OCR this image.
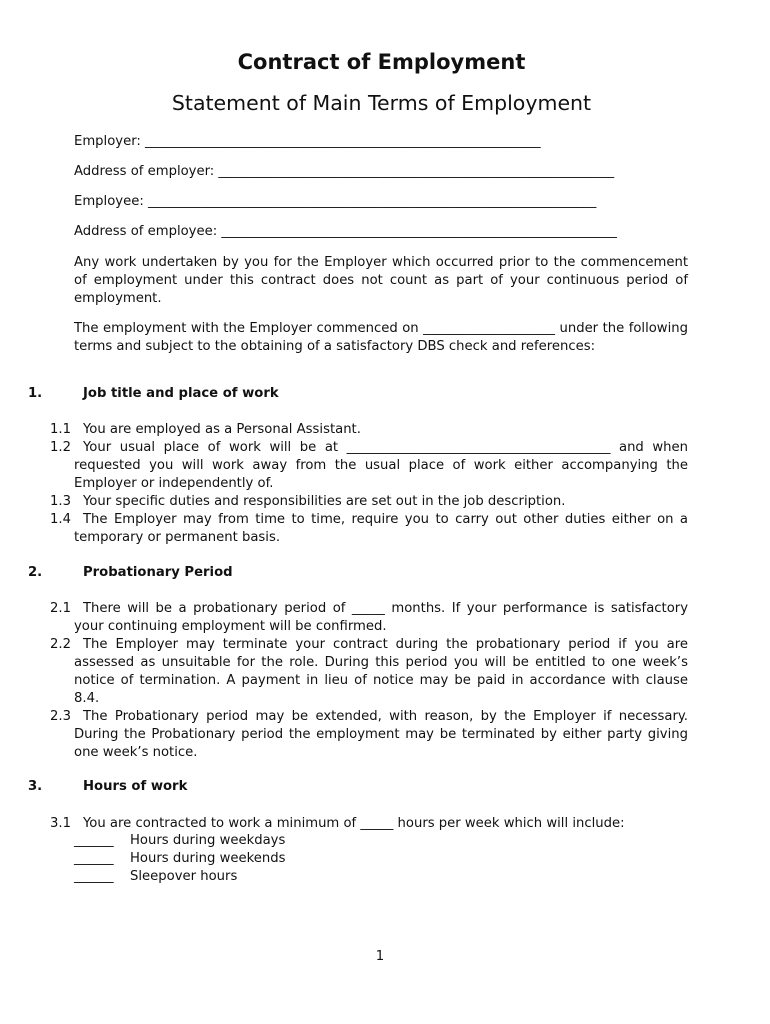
Contract of Employment
Statement of Main Terms of Employment
Employer: ____________________________________________________________
Address of employer: ____________________________________________________________
Employee: ____________________________________________________________________
Address of employee: ____________________________________________________________
Any work undertaken by you for the Employer which occurred prior to the commencement of employment under this contract does not count as part of your continuous period of employment.
The employment with the Employer commenced on ____________________ under the following terms and subject to the obtaining of a satisfactory DBS check and references:
1.	Job title and place of work
1.1 You are employed as a Personal Assistant.
1.2 Your usual place of work will be at ________________________________________ and when requested you will work away from the usual place of work either accompanying the Employer or independently of.
1.3 Your specific duties and responsibilities are set out in the job description.
1.4 The Employer may from time to time, require you to carry out other duties either on a temporary or permanent basis.
2.	Probationary Period
2.1 There will be a probationary period of _____ months. If your performance is satisfactory your continuing employment will be confirmed.
2.2 The Employer may terminate your contract during the probationary period if you are assessed as unsuitable for the role. During this period you will be entitled to one week’s notice of termination. A payment in lieu of notice may be paid in accordance with clause 8.4.
2.3 The Probationary period may be extended, with reason, by the Employer if necessary. During the Probationary period the employment may be terminated by either party giving one week’s notice.
3.	Hours of work
3.1 You are contracted to work a minimum of _____ hours per week which will include:
______ Hours during weekdays
______ Hours during weekends
______ Sleepover hours
1
